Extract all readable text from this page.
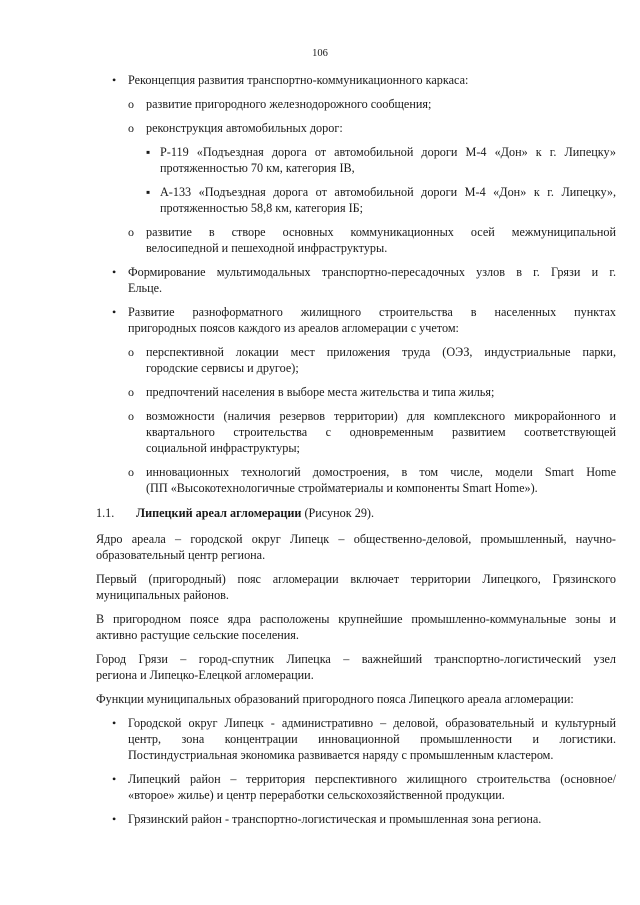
106
• Реконцепция развития транспортно-коммуникационного каркаса:
o развитие пригородного железнодорожного сообщения;
o реконструкция автомобильных дорог:
▪ Р-119 «Подъездная дорога от автомобильной дороги М-4 «Дон» к г. Липецку»
протяженностью 70 км, категория IB,
▪ А-133 «Подъездная дорога от автомобильной дороги М-4 «Дон» к г. Липецку»,
протяженностью 58,8 км, категория IБ;
o развитие в створе основных коммуникационных осей межмуниципальной
велосипедной и пешеходной инфраструктуры.
• Формирование мультимодальных транспортно-пересадочных узлов в г. Грязи и г.
Ельце.
• Развитие разноформатного жилищного строительства в населенных пунктах
пригородных поясов каждого из ареалов агломерации с учетом:
o перспективной локации мест приложения труда (ОЭЗ, индустриальные парки,
городские сервисы и другое);
o предпочтений населения в выборе места жительства и типа жилья;
o возможности (наличия резервов территории) для комплексного микрорайонного и
квартального строительства с одновременным развитием соответствующей
социальной инфраструктуры;
o инновационных технологий домостроения, в том числе, модели Smart Home
(ПП «Высокотехнологичные стройматериалы и компоненты Smart Home»).
1.1.	Липецкий ареал агломерации (Рисунок 29).
Ядро ареала – городской округ Липецк – общественно-деловой, промышленный, научно-
образовательный центр региона.
Первый (пригородный) пояс агломерации включает территории Липецкого, Грязинского
муниципальных районов.
В пригородном поясе ядра расположены крупнейшие промышленно-коммунальные зоны и
активно растущие сельские поселения.
Город Грязи – город-спутник Липецка – важнейший транспортно-логистический узел
региона и Липецко-Елецкой агломерации.
Функции муниципальных образований пригородного пояса Липецкого ареала агломерации:
• Городской округ Липецк - административно – деловой, образовательный и культурный
центр, зона концентрации инновационной промышленности и логистики.
Постиндустриальная экономика развивается наряду с промышленным кластером.
• Липецкий район – территория перспективного жилищного строительства (основное/
«второе» жилье) и центр переработки сельскохозяйственной продукции.
• Грязинский район - транспортно-логистическая и промышленная зона региона.
